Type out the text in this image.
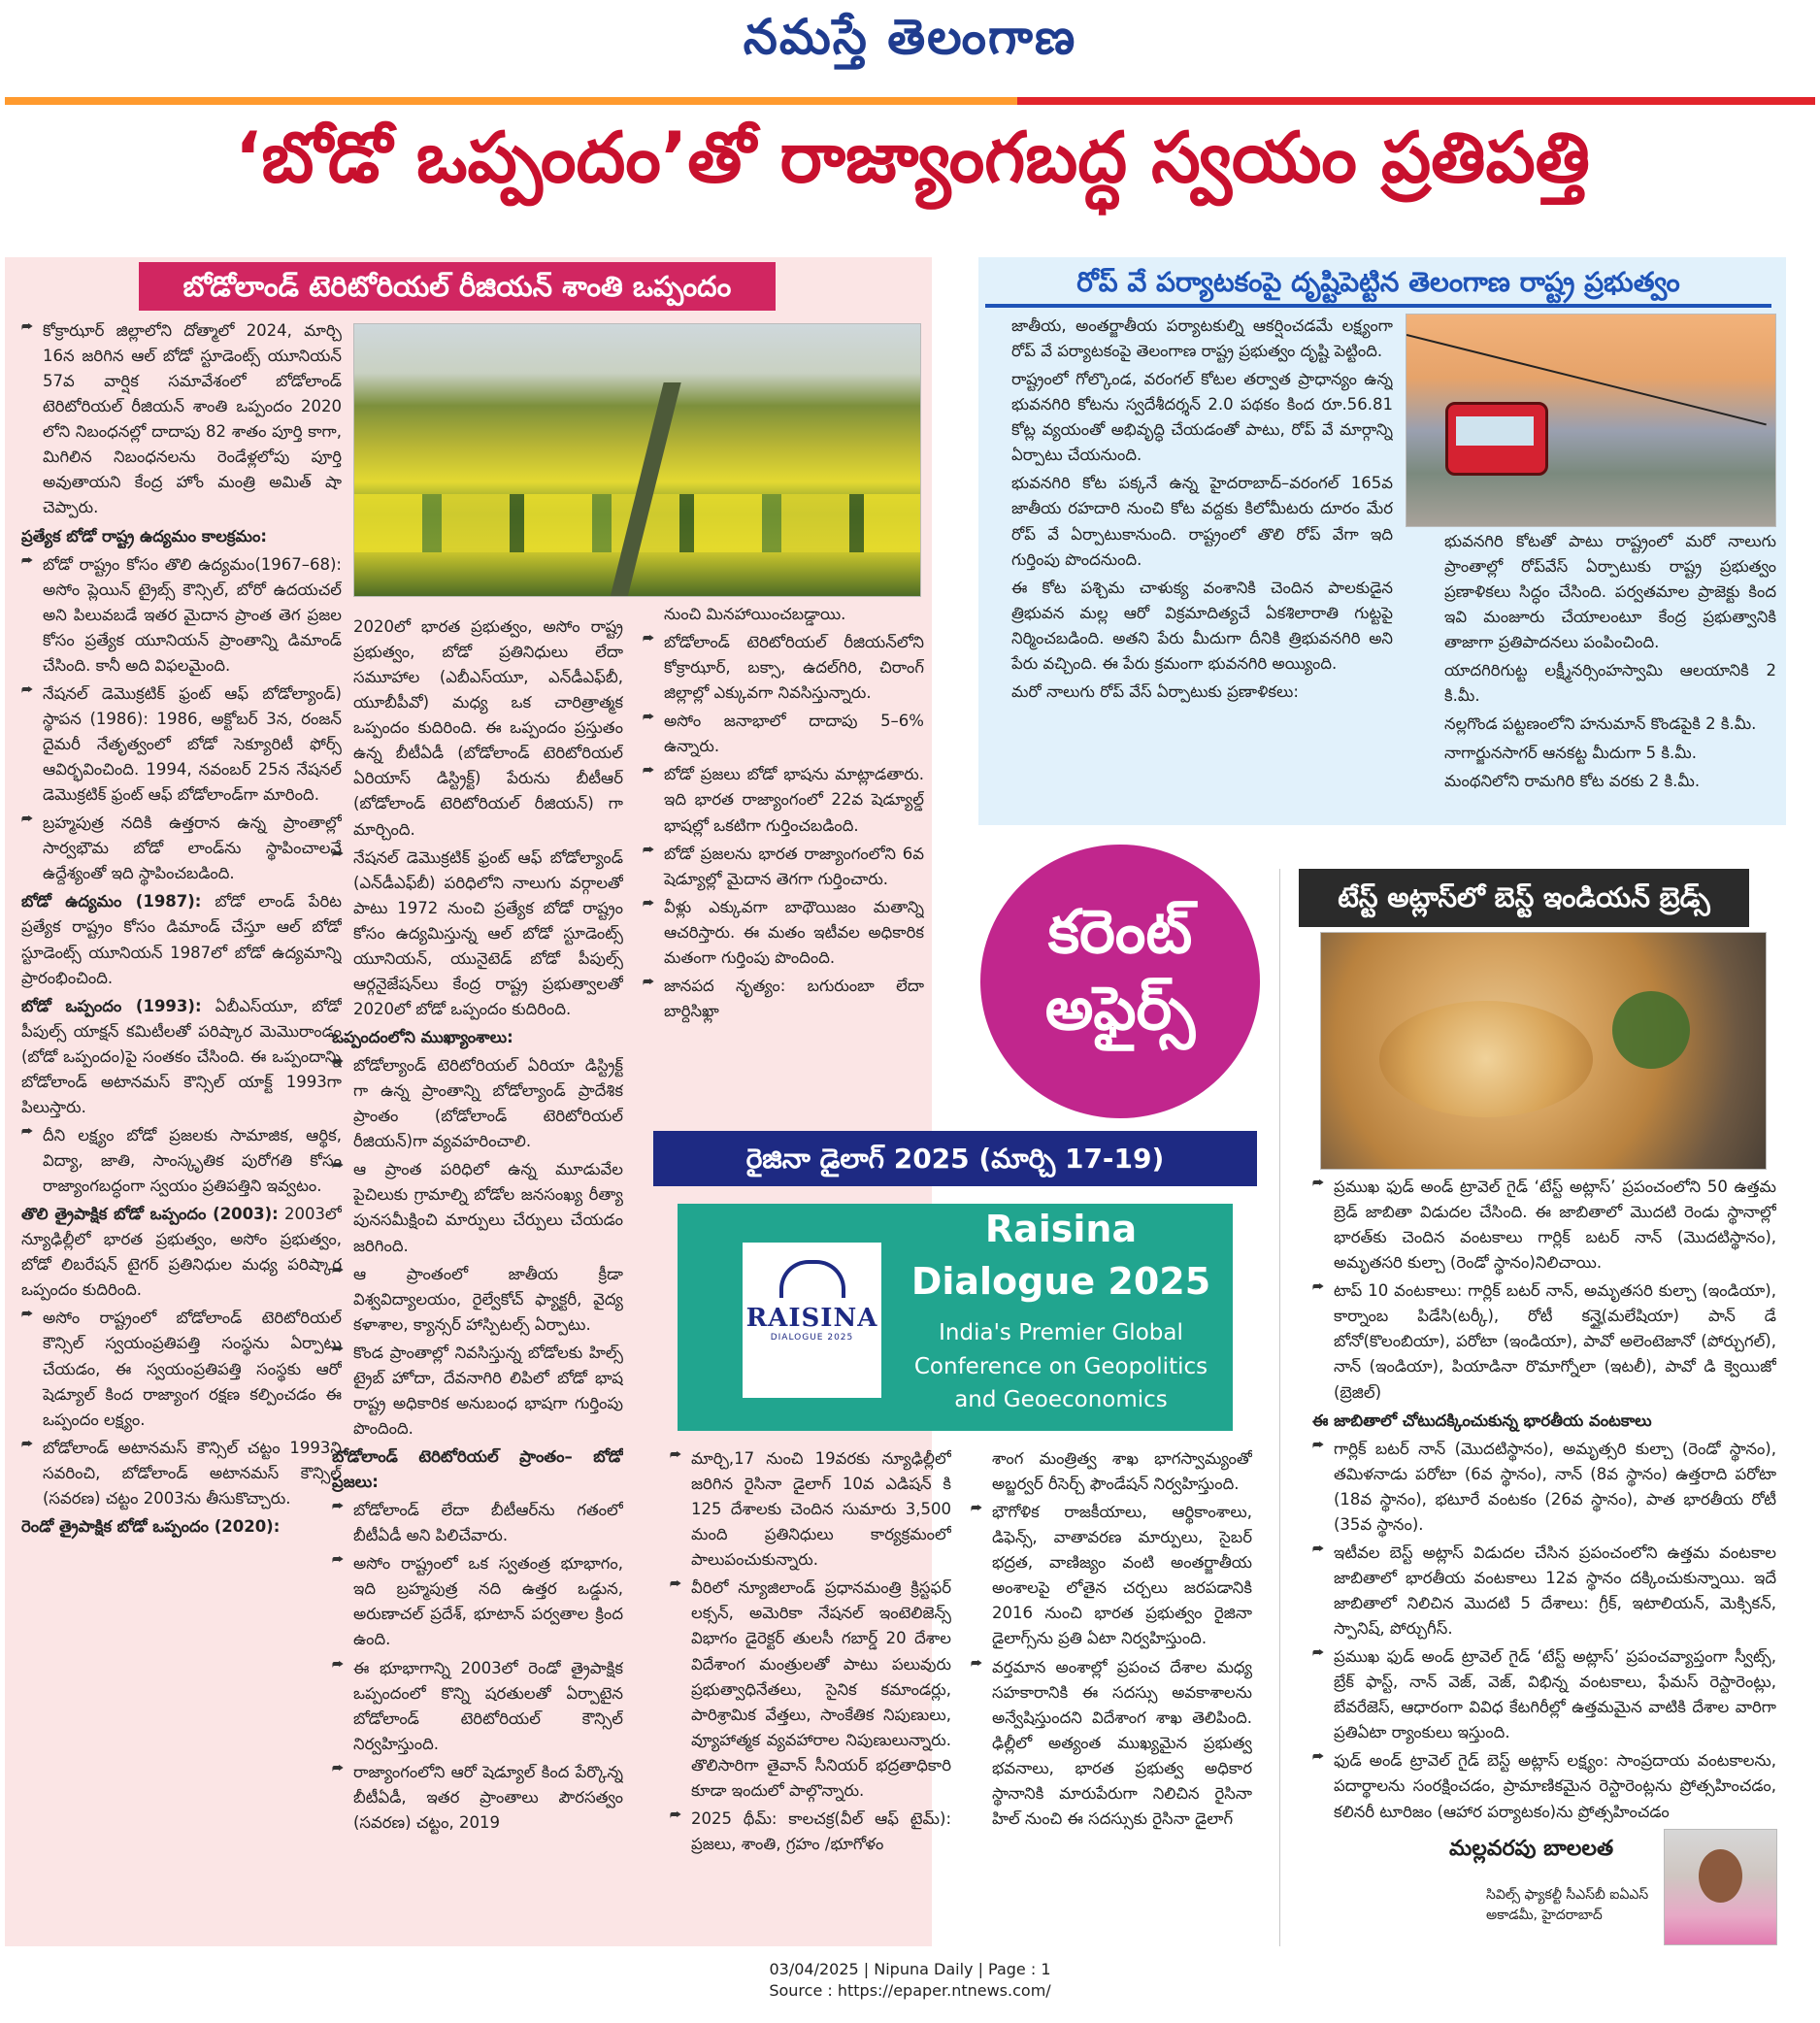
నమస్తే తెలంగాణ
‘బోడో ఒప్పందం’తో రాజ్యాంగబద్ధ స్వయం ప్రతిపత్తి
బోడోలాండ్ టెరిటోరియల్ రీజియన్ శాంతి ఒప్పందం	రోప్ వే పర్యాటకంపై దృష్టిపెట్టిన తెలంగాణ రాష్ట్ర ప్రభుత్వం

⮫ కోక్రాఝార్ జిల్లాలోని దోత్మాలో 2024, మార్చి 16న జరిగిన ఆల్ బోడో స్టూడెంట్స్ యూనియన్ 57వ వార్షిక సమావేశంలో బోడోలాండ్ టెరిటోరియల్ రీజియన్ శాంతి ఒప్పందం 2020 లోని నిబంధనల్లో దాదాపు 82 శాతం పూర్తి కాగా, మిగిలిన నిబంధనలను రెండేళ్లలోపు పూర్తి అవుతాయని కేంద్ర హోం మంత్రి అమిత్ షా చెప్పారు.

ప్రత్యేక బోడో రాష్ట్ర ఉద్యమం కాలక్రమం:

⮫ బోడో రాష్ట్రం కోసం తొలి ఉద్యమం(1967–68): అసోం ప్లెయిన్ ట్రైబ్స్ కౌన్సిల్, బోరో ఉదయచల్ అని పిలువబడే ఇతర మైదాన ప్రాంత తెగ ప్రజల కోసం ప్రత్యేక యూనియన్ ప్రాంతాన్ని డిమాండ్ చేసింది. కానీ అది విఫలమైంది.

⮫ నేషనల్ డెమొక్రటిక్ ఫ్రంట్ ఆఫ్ బోడోల్యాండ్) స్థాపన (1986): 1986, అక్టోబర్ 3న, రంజన్ దైమరీ నేతృత్వంలో బోడో సెక్యూరిటీ ఫోర్స్ ఆవిర్భవించింది. 1994, నవంబర్ 25న నేషనల్ డెమొక్రటిక్ ఫ్రంట్ ఆఫ్ బోడోలాండ్‌గా మారింది.

⮫ బ్రహ్మపుత్ర నదికి ఉత్తరాన ఉన్న ప్రాంతాల్లో సార్వభౌమ బోడో లాండ్‌ను స్థాపించాలనే ఉద్దేశ్యంతో ఇది స్థాపించబడింది.

బోడో ఉద్యమం (1987): బోడో లాండ్ పేరిట ప్రత్యేక రాష్ట్రం కోసం డిమాండ్ చేస్తూ ఆల్ బోడో స్టూడెంట్స్ యూనియన్ 1987లో బోడో ఉద్యమాన్ని ప్రారంభించింది.

బోడో ఒప్పందం (1993): ఏబీఎస్‌యూ, బోడో పీపుల్స్ యాక్షన్ కమిటీలతో పరిష్కార మెమొరాండం (బోడో ఒప్పందం)పై సంతకం చేసింది. ఈ ఒప్పందాన్ని బోడోలాండ్ అటానమస్ కౌన్సిల్ యాక్ట్ 1993గా పిలుస్తారు.

⮫ దీని లక్ష్యం బోడో ప్రజలకు సామాజిక, ఆర్థిక, విద్యా, జాతి, సాంస్కృతిక పురోగతి కోసం రాజ్యాంగబద్ధంగా స్వయం ప్రతిపత్తిని ఇవ్వటం.

తొలి త్రైపాక్షిక బోడో ఒప్పందం (2003): 2003లో న్యూఢిల్లీలో భారత ప్రభుత్వం, అసోం ప్రభుత్వం, బోడో లిబరేషన్ టైగర్ ప్రతినిధుల మధ్య పరిష్కార ఒప్పందం కుదిరింది.

⮫ అసోం రాష్ట్రంలో బోడోలాండ్ టెరిటోరియల్ కౌన్సిల్ స్వయంప్రతిపత్తి సంస్థను ఏర్పాటు చేయడం, ఈ స్వయంప్రతిపత్తి సంస్థకు ఆరో షెడ్యూల్ కింద రాజ్యాంగ రక్షణ కల్పించడం ఈ ఒప్పందం లక్ష్యం.

⮫ బోడోలాండ్ అటానమస్ కౌన్సిల్ చట్టం 1993ని సవరించి, బోడోలాండ్ అటానమస్ కౌన్సిల్ (సవరణ) చట్టం 2003ను తీసుకొచ్చారు.

రెండో త్రైపాక్షిక బోడో ఒప్పందం (2020):

2020లో భారత ప్రభుత్వం, అసోం రాష్ట్ర ప్రభుత్వం, బోడో ప్రతినిధులు లేదా సమూహాల (ఎబీఎస్‌యూ, ఎన్‌డీఎఫ్‌బీ, యూబీపీవో) మధ్య ఒక చారిత్రాత్మక ఒప్పందం కుదిరింది. ఈ ఒప్పందం ప్రస్తుతం ఉన్న బీటీఏడీ (బోడోలాండ్ టెరిటోరియల్ ఏరియాస్ డిస్ట్రిక్ట్) పేరును బీటీఆర్ (బోడోలాండ్ టెరిటోరియల్ రీజియన్) గా మార్చింది.

⮫ నేషనల్ డెమొక్రటిక్ ఫ్రంట్ ఆఫ్ బోడోల్యాండ్ (ఎన్‌డీఎఫ్‌బీ) పరిధిలోని నాలుగు వర్గాలతో పాటు 1972 నుంచి ప్రత్యేక బోడో రాష్ట్రం కోసం ఉద్యమిస్తున్న ఆల్ బోడో స్టూడెంట్స్ యూనియన్, యునైటెడ్ బోడో పీపుల్స్ ఆర్గనైజేషన్‌లు కేంద్ర రాష్ట్ర ప్రభుత్వాలతో 2020లో బోడో ఒప్పందం కుదిరింది.

ఒప్పందంలోని ముఖ్యాంశాలు:

⮫ బోడోల్యాండ్ టెరిటోరియల్ ఏరియా డిస్ట్రిక్ట్ గా ఉన్న ప్రాంతాన్ని బోడోల్యాండ్ ప్రాదేశిక ప్రాంతం (బోడోలాండ్ టెరిటోరియల్ రీజియన్)గా వ్యవహరించాలి.

⮫ ఆ ప్రాంత పరిధిలో ఉన్న మూడువేల పైచిలుకు గ్రామాల్ని బోడోల జనసంఖ్య రీత్యా పునసమీక్షించి మార్పులు చేర్పులు చేయడం జరిగింది.

⮫ ఆ ప్రాంతంలో జాతీయ క్రీడా విశ్వవిద్యాలయం, రైల్వేకోచ్ ఫ్యాక్టరీ, వైద్య కళాశాల, క్యాన్సర్ హాస్పిటల్స్ ఏర్పాటు.

⮫ కొండ ప్రాంతాల్లో నివసిస్తున్న బోడోలకు హిల్స్ ట్రైబ్ హోదా, దేవనాగిరి లిపిలో బోడో భాష రాష్ట్ర అధికారిక అనుబంధ భాషగా గుర్తింపు పొందింది.

బోడోలాండ్ టెరిటోరియల్ ప్రాంతం– బోడో ప్రజలు:

⮫ బోడోలాండ్ లేదా బీటీఆర్‌ను గతంలో బీటీఏడీ అని పిలిచేవారు.

⮫ అసోం రాష్ట్రంలో ఒక స్వతంత్ర భూభాగం, ఇది బ్రహ్మపుత్ర నది ఉత్తర ఒడ్డున, అరుణాచల్ ప్రదేశ్, భూటాన్ పర్వతాల క్రింద ఉంది.

⮫ ఈ భూభాగాన్ని 2003లో రెండో త్రైపాక్షిక ఒప్పందంలో కొన్ని షరతులతో ఏర్పాటైన బోడోలాండ్ టెరిటోరియల్ కౌన్సిల్ నిర్వహిస్తుంది.

⮫ రాజ్యాంగంలోని ఆరో షెడ్యూల్ కింద పేర్కొన్న బీటీఏడీ, ఇతర ప్రాంతాలు పౌరసత్వం (సవరణ) చట్టం, 2019

నుంచి మినహాయించబడ్డాయి.

⮫ బోడోలాండ్ టెరిటోరియల్ రీజియన్‌లోని కోక్రాఝార్, బక్సా, ఉదల్‌గిరి, చిరాంగ్ జిల్లాల్లో ఎక్కువగా నివసిస్తున్నారు.

⮫ అసోం జనాభాలో దాదాపు 5–6% ఉన్నారు.

⮫ బోడో ప్రజలు బోడో భాషను మాట్లాడతారు. ఇది భారత రాజ్యాంగంలో 22వ షెడ్యూల్డ్ భాషల్లో ఒకటిగా గుర్తించబడింది.

⮫ బోడో ప్రజలను భారత రాజ్యాంగంలోని 6వ షెడ్యూల్లో మైదాన తెగగా గుర్తించారు.

⮫ వీళ్లు ఎక్కువగా బాథౌయిజం మతాన్ని ఆచరిస్తారు. ఈ మతం ఇటీవల అధికారిక మతంగా గుర్తింపు పొందింది.

⮫ జానపద నృత్యం: బగురుంబా లేదా బార్దిసిఖ్లా

జాతీయ, అంతర్జాతీయ పర్యాటకుల్ని ఆకర్షించడమే లక్ష్యంగా రోప్ వే పర్యాటకంపై తెలంగాణ రాష్ట్ర ప్రభుత్వం దృష్టి పెట్టింది.

రాష్ట్రంలో గోల్కొండ, వరంగల్ కోటల తర్వాత ప్రాధాన్యం ఉన్న భువనగిరి కోటను స్వదేశీదర్శన్ 2.0 పథకం కింద రూ.56.81 కోట్ల వ్యయంతో అభివృద్ధి చేయడంతో పాటు, రోప్ వే మార్గాన్ని ఏర్పాటు చేయనుంది.

భువనగిరి కోట పక్కనే ఉన్న హైదరాబాద్–వరంగల్ 165వ జాతీయ రహదారి నుంచి కోట వద్దకు కిలోమీటరు దూరం మేర రోప్ వే ఏర్పాటుకానుంది. రాష్ట్రంలో తొలి రోప్ వేగా ఇది గుర్తింపు పొందనుంది.

ఈ కోట పశ్చిమ చాళుక్య వంశానికి చెందిన పాలకుడైన త్రిభువన మల్ల ఆరో విక్రమాదిత్యచే ఏకశిలారాతి గుట్టపై నిర్మించబడింది. అతని పేరు మీదుగా దీనికి త్రిభువనగిరి అని పేరు వచ్చింది. ఈ పేరు క్రమంగా భువనగిరి అయ్యింది.

మరో నాలుగు రోప్ వేస్ ఏర్పాటుకు ప్రణాళికలు:

భువనగిరి కోటతో పాటు రాష్ట్రంలో మరో నాలుగు ప్రాంతాల్లో రోప్‌వేస్ ఏర్పాటుకు రాష్ట్ర ప్రభుత్వం ప్రణాళికలు సిద్ధం చేసింది. పర్వతమాల ప్రాజెక్టు కింద ఇవి మంజూరు చేయాలంటూ కేంద్ర ప్రభుత్వానికి తాజాగా ప్రతిపాదనలు పంపించింది.

యాదగిరిగుట్ట లక్ష్మీనర్సింహస్వామి ఆలయానికి 2 కి.మీ.

నల్లగొండ పట్టణంలోని హనుమాన్ కొండపైకి 2 కి.మీ.

నాగార్జునసాగర్ ఆనకట్ట మీదుగా 5 కి.మీ.

మంథనిలోని రామగిరి కోట వరకు 2 కి.మీ.

కరెంట్
అఫైర్స్
రైజినా డైలాగ్ 2025 (మార్చి 17-19)
RAISINA
DIALOGUE 2025
Raisina
Dialogue 2025
India's Premier Global Conference on Geopolitics and Geoeconomics

⮫ మార్చి,17 నుంచి 19వరకు న్యూఢిల్లీలో జరిగిన రైసినా డైలాగ్ 10వ ఎడిషన్ కి 125 దేశాలకు చెందిన సుమారు 3,500 మంది ప్రతినిధులు కార్యక్రమంలో పాలుపంచుకున్నారు.

⮫ వీరిలో న్యూజిలాండ్ ప్రధానమంత్రి క్రిస్టఫర్ లక్సన్, అమెరికా నేషనల్ ఇంటెలిజెన్స్ విభాగం డైరెక్టర్ తులసీ గబార్డ్ 20 దేశాల విదేశాంగ మంత్రులతో పాటు పలువురు ప్రభుత్వాధినేతలు, సైనిక కమాండర్లు, పారిశ్రామిక వేత్తలు, సాంకేతిక నిపుణులు, వ్యూహాత్మక వ్యవహారాల నిపుణులున్నారు. తొలిసారిగా తైవాన్ సీనియర్ భద్రతాధికారి కూడా ఇందులో పాల్గొన్నారు.

⮫ 2025 థీమ్: కాలచక్ర(వీల్ ఆఫ్ టైమ్): ప్రజలు, శాంతి, గ్రహం /భూగోళం

శాంగ మంత్రిత్వ శాఖ భాగస్వామ్యంతో అబ్జర్వర్ రీసెర్చ్ ఫౌండేషన్ నిర్వహిస్తుంది.

⮫ భౌగోళిక రాజకీయాలు, ఆర్థికాంశాలు, డిఫెన్స్, వాతావరణ మార్పులు, సైబర్ భద్రత, వాణిజ్యం వంటి అంతర్జాతీయ అంశాలపై లోతైన చర్చలు జరపడానికి 2016 నుంచి భారత ప్రభుత్వం రైజినా డైలాగ్స్‌ను ప్రతి ఏటా నిర్వహిస్తుంది.

⮫ వర్తమాన అంశాల్లో ప్రపంచ దేశాల మధ్య సహకారానికి ఈ సదస్సు అవకాశాలను అన్వేషిస్తుందని విదేశాంగ శాఖ తెలిపింది. ఢిల్లీలో అత్యంత ముఖ్యమైన ప్రభుత్వ భవనాలు, భారత ప్రభుత్వ అధికార స్థానానికి మారుపేరుగా నిలిచిన రైసినా హిల్ నుంచి ఈ సదస్సుకు రైసినా డైలాగ్

టేస్ట్ అట్లాస్‌లో బెస్ట్ ఇండియన్ బ్రెడ్స్

⮫ ప్రముఖ ఫుడ్ అండ్ ట్రావెల్ గైడ్ ‘టేస్ట్ అట్లాస్’ ప్రపంచంలోని 50 ఉత్తమ బ్రెడ్ జాబితా విడుదల చేసింది. ఈ జాబితాలో మొదటి రెండు స్థానాల్లో భారత్‌కు చెందిన వంటకాలు గార్లిక్ బటర్ నాన్ (మొదటిస్థానం), అమృతసరి కుల్చా (రెండో స్థానం)నిలిచాయి.

⮫ టాప్ 10 వంటకాలు: గార్లిక్ బటర్ నాన్, అమృతసరి కుల్చా (ఇండియా), కార్నాంబ పిడేసి(టర్కీ), రోటీ కన్హై(మలేషియా) పాన్ డే బోనో(కొలంబియా), పరోటా (ఇండియా), పావో అలెంటెజానో (పోర్చుగల్), నాన్ (ఇండియా), పియాడినా రొమాగ్నోలా (ఇటలీ), పావో డి క్వెయిజో (బ్రెజిల్)

ఈ జాబితాలో చోటుదక్కించుకున్న భారతీయ వంటకాలు

⮫ గార్లిక్ బటర్ నాన్ (మొదటిస్థానం), అమృత్సరి కుల్చా (రెండో స్థానం), తమిళనాడు పరోటా (6వ స్థానం), నాన్ (8వ స్థానం) ఉత్తరాది పరోటా (18వ స్థానం), భటూరే వంటకం (26వ స్థానం), పాత భారతీయ రోటీ (35వ స్థానం).

⮫ ఇటీవల బెస్ట్ అట్లాస్ విడుదల చేసిన ప్రపంచంలోని ఉత్తమ వంటకాల జాబితాలో భారతీయ వంటకాలు 12వ స్థానం దక్కించుకున్నాయి. ఇదే జాబితాలో నిలిచిన మొదటి 5 దేశాలు: గ్రీక్, ఇటాలియన్, మెక్సికన్, స్పానిష్, పోర్చుగీస్.

⮫ ప్రముఖ ఫుడ్ అండ్ ట్రావెల్ గైడ్ ‘టేస్ట్ అట్లాస్’ ప్రపంచవ్యాప్తంగా స్వీట్స్, బ్రేక్ ఫాస్ట్, నాన్ వెజ్, వెజ్, విభిన్న వంటకాలు, ఫేమస్ రెస్టారెంట్లు, బేవరేజెస్, ఆధారంగా వివిధ కేటగిరీల్లో ఉత్తమమైన వాటికి దేశాల వారిగా ప్రతిఏటా ర్యాంకులు ఇస్తుంది.

⮫ ఫుడ్ అండ్ ట్రావెల్ గైడ్ బెస్ట్ అట్లాస్ లక్ష్యం: సాంప్రదాయ వంటకాలను, పదార్థాలను సంరక్షించడం, ప్రామాణికమైన రెస్టారెంట్లను ప్రోత్సహించడం, కలినరీ టూరిజం (ఆహార పర్యాటకం)ను ప్రోత్సహించడం

మల్లవరపు బాలలత
సివిల్స్ ఫ్యాకల్టీ సీఎస్‌బీ ఐఏఎస్ అకాడమీ, హైదరాబాద్
03/04/2025 | Nipuna Daily | Page : 1
Source : https://epaper.ntnews.com/
